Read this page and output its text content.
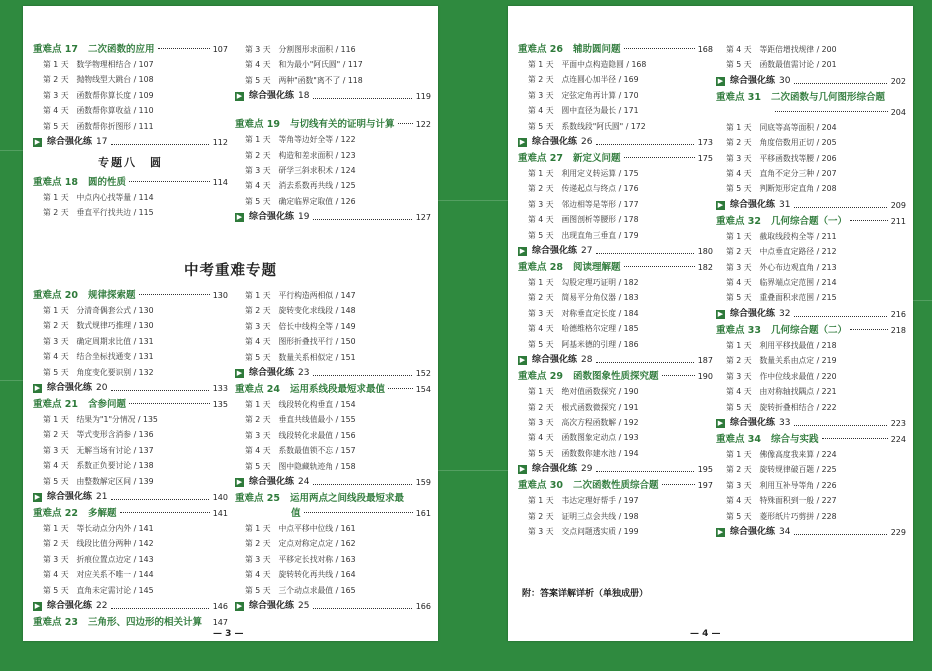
重难点 17 二次函数的应用	107
第 1 天 数学物理相结合 / 107
第 2 天 抛物线型大跳台 / 108
第 3 天 函数帮你算长度 / 109
第 4 天 函数帮你算收益 / 110
第 5 天 函数帮你折图形 / 111
▶ 综合强化练 17	112
专题八　圆
重难点 18 圆的性质	114
第 1 天 中点内心找等量 / 114
第 2 天 垂直平行找共边 / 115
第 3 天 分割图形求面积 / 116
第 4 天 和为最小"阿氏圆" / 117
第 5 天 两种"函数"离不了 / 118
▶ 综合强化练 18	119
重难点 19 与切线有关的证明与计算	122
第 1 天 等角等边好全等 / 122
第 2 天 构造和差求面积 / 123
第 3 天 研学三斜求积术 / 124
第 4 天 消去系数再共线 / 125
第 5 天 确定临界定取值 / 126
▶ 综合强化练 19	127
中考重难专题
重难点 20 规律探索题	130
第 1 天 分清奇偶套公式 / 130
第 2 天 数式规律巧推理 / 130
第 3 天 确定周期求比值 / 131
第 4 天 结合坐标找通变 / 131
第 5 天 角度变化要识别 / 132
▶ 综合强化练 20	133
重难点 21 含参问题	135
第 1 天 结果为"1"分情况 / 135
第 2 天 等式变形含消参 / 136
第 3 天 无解当场有讨论 / 137
第 4 天 系数正负要讨论 / 138
第 5 天 由整数解定区间 / 139
▶ 综合强化练 21	140
重难点 22 多解题	141
第 1 天 等长动点分内外 / 141
第 2 天 线段比值分两种 / 142
第 3 天 折痕位置点边定 / 143
第 4 天 对应关系不唯一 / 144
第 5 天 直角未定需讨论 / 145
▶ 综合强化练 22	146
重难点 23 三角形、四边形的相关计算 147
第 1 天 平行构造两相似 / 147
第 2 天 旋转变化求线段 / 148
第 3 天 倍长中线构全等 / 149
第 4 天 图形折叠找平行 / 150
第 5 天 数量关系相似定 / 151
▶ 综合强化练 23	152
重难点 24 运用系线段最短求最值	154
第 1 天 线段转化构垂直 / 154
第 2 天 垂直共线值最小 / 155
第 3 天 线段转化求最值 / 156
第 4 天 系数最值锁不忘 / 157
第 5 天 图中隐藏轨迹角 / 158
▶ 综合强化练 24	159
重难点 25 运用两点之间线段最短求最
值	161
第 1 天 中点平移中位线 / 161
第 2 天 定点对称定点定 / 162
第 3 天 平移定长找对称 / 163
第 4 天 旋转转化再共线 / 164
第 5 天 三个动点求最值 / 165
▶ 综合强化练 25	166
— 3 —
重难点 26 辅助圆问题	168
第 1 天 平面中点构造隐圆 / 168
第 2 天 点连圆心加半径 / 169
第 3 天 定弦定角再计算 / 170
第 4 天 圆中直径为最长 / 171
第 5 天 系数线段"阿氏圆" / 172
▶ 综合强化练 26	173
重难点 27 新定义问题	175
第 1 天 利用定义转运算 / 175
第 2 天 传递起点与终点 / 176
第 3 天 邻边相等是等形 / 177
第 4 天 画图剖析等腰形 / 178
第 5 天 出现直角三垂直 / 179
▶ 综合强化练 27	180
重难点 28 阅读理解题	182
第 1 天 勾股定理巧证明 / 182
第 2 天 简易平分角仪器 / 183
第 3 天 对称垂直定长度 / 184
第 4 天 哈德维格尔定理 / 185
第 5 天 阿基米德的引理 / 186
▶ 综合强化练 28	187
重难点 29 函数图象性质探究题	190
第 1 天 绝对值函数探究 / 190
第 2 天 根式函数微探究 / 191
第 3 天 高次方程函数解 / 192
第 4 天 函数图象定动点 / 193
第 5 天 函数数你建水池 / 194
▶ 综合强化练 29	195
重难点 30 二次函数性质综合题	197
第 1 天 韦达定理好帮手 / 197
第 2 天 证明三点会共线 / 198
第 3 天 交点问题透实质 / 199
第 4 天 等距倍增找规律 / 200
第 5 天 函数最值需讨论 / 201
▶ 综合强化练 30	202
重难点 31 二次函数与几何图形综合题
204
第 1 天 同底等高等面积 / 204
第 2 天 角度倍数用正切 / 205
第 3 天 平移函数找等腰 / 206
第 4 天 直角不定分三种 / 207
第 5 天 判断矩形定直角 / 208
▶ 综合强化练 31	209
重难点 32 几何综合题（一）	211
第 1 天 截取线段构全等 / 211
第 2 天 中点垂直定路径 / 212
第 3 天 外心布边观直角 / 213
第 4 天 临界端点定范围 / 214
第 5 天 重叠面积求范围 / 215
▶ 综合强化练 32	216
重难点 33 几何综合题（二）	218
第 1 天 利用平移找最值 / 218
第 2 天 数量关系由点定 / 219
第 3 天 作中位线求最值 / 220
第 4 天 由对称轴找隅点 / 221
第 5 天 旋转折叠相结合 / 222
▶ 综合强化练 33	223
重难点 34 综合与实践	224
第 1 天 佛像高度我来算 / 224
第 2 天 旋转规律破百题 / 225
第 3 天 利用互补导等角 / 226
第 4 天 特殊面积到一般 / 227
第 5 天 菱形纸片巧剪拼 / 228
▶ 综合强化练 34	229
附：答案详解详析（单独成册）
— 4 —
